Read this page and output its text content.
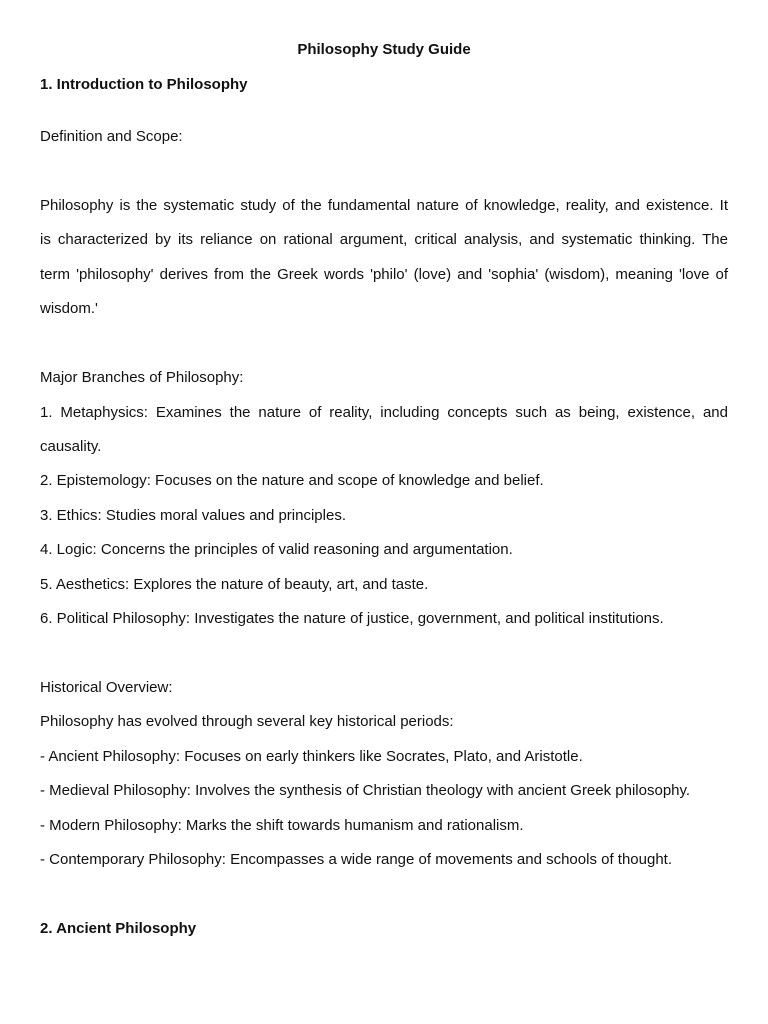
Philosophy Study Guide
1. Introduction to Philosophy
Definition and Scope:
Philosophy is the systematic study of the fundamental nature of knowledge, reality, and existence. It
is characterized by its reliance on rational argument, critical analysis, and systematic thinking. The
term 'philosophy' derives from the Greek words 'philo' (love) and 'sophia' (wisdom), meaning 'love of
wisdom.'
Major Branches of Philosophy:
1. Metaphysics: Examines the nature of reality, including concepts such as being, existence, and
causality.
2. Epistemology: Focuses on the nature and scope of knowledge and belief.
3. Ethics: Studies moral values and principles.
4. Logic: Concerns the principles of valid reasoning and argumentation.
5. Aesthetics: Explores the nature of beauty, art, and taste.
6. Political Philosophy: Investigates the nature of justice, government, and political institutions.
Historical Overview:
Philosophy has evolved through several key historical periods:
- Ancient Philosophy: Focuses on early thinkers like Socrates, Plato, and Aristotle.
- Medieval Philosophy: Involves the synthesis of Christian theology with ancient Greek philosophy.
- Modern Philosophy: Marks the shift towards humanism and rationalism.
- Contemporary Philosophy: Encompasses a wide range of movements and schools of thought.
2. Ancient Philosophy
